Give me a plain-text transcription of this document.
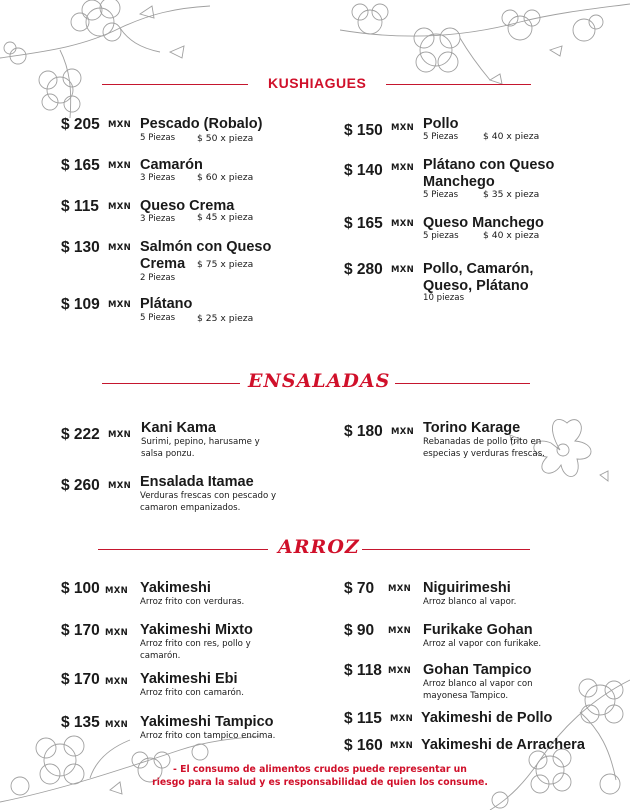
KUSHIAGUES
$ 205 MXN Pescado (Robalo)
5 Piezas $ 50 x pieza
$ 165 MXN Camarón
3 Piezas $ 60 x pieza
$ 115 MXN Queso Crema
3 Piezas $ 45 x pieza
$ 130 MXN Salmón con Queso Crema	$ 75 x pieza
2 Piezas
$ 109 MXN Plátano
5 Piezas $ 25 x pieza
$ 150 MXN Pollo
5 Piezas	$ 40 x pieza
$ 140 MXN Plátano con Queso Manchego
5 Piezas	$ 35 x pieza
$ 165 MXN Queso Manchego
5 piezas	$ 40 x pieza
$ 280 MXN Pollo, Camarón, Queso, Plátano
10 piezas
ENSALADAS
$ 222 MXN Kani Kama
Surimi, pepino, harusame y salsa ponzu.
$ 180 MXN Torino Karage
Rebanadas de pollo frito en especias y verduras frescas.
$ 260 MXN Ensalada Itamae
Verduras frescas con pescado y camaron empanizados.
ARROZ
$ 100 MXN Yakimeshi
Arroz frito con verduras.
$ 170 MXN Yakimeshi Mixto
Arroz frito con res, pollo y camarón.
$ 170 MXN Yakimeshi Ebi
Arroz frito con camarón.
$ 135 MXN Yakimeshi Tampico
Arroz frito con tampico encima.
$ 70 MXN Niguirimeshi
Arroz blanco al vapor.
$ 90 MXN Furikake Gohan
Arroz al vapor con furikake.
$ 118 MXN Gohan Tampico
Arroz blanco al vapor con mayonesa Tampico.
$ 115 MXN Yakimeshi de Pollo
$ 160 MXN Yakimeshi de Arrachera
- El consumo de alimentos crudos puede representar un
riesgo para la salud y es responsabilidad de quien los consume.
